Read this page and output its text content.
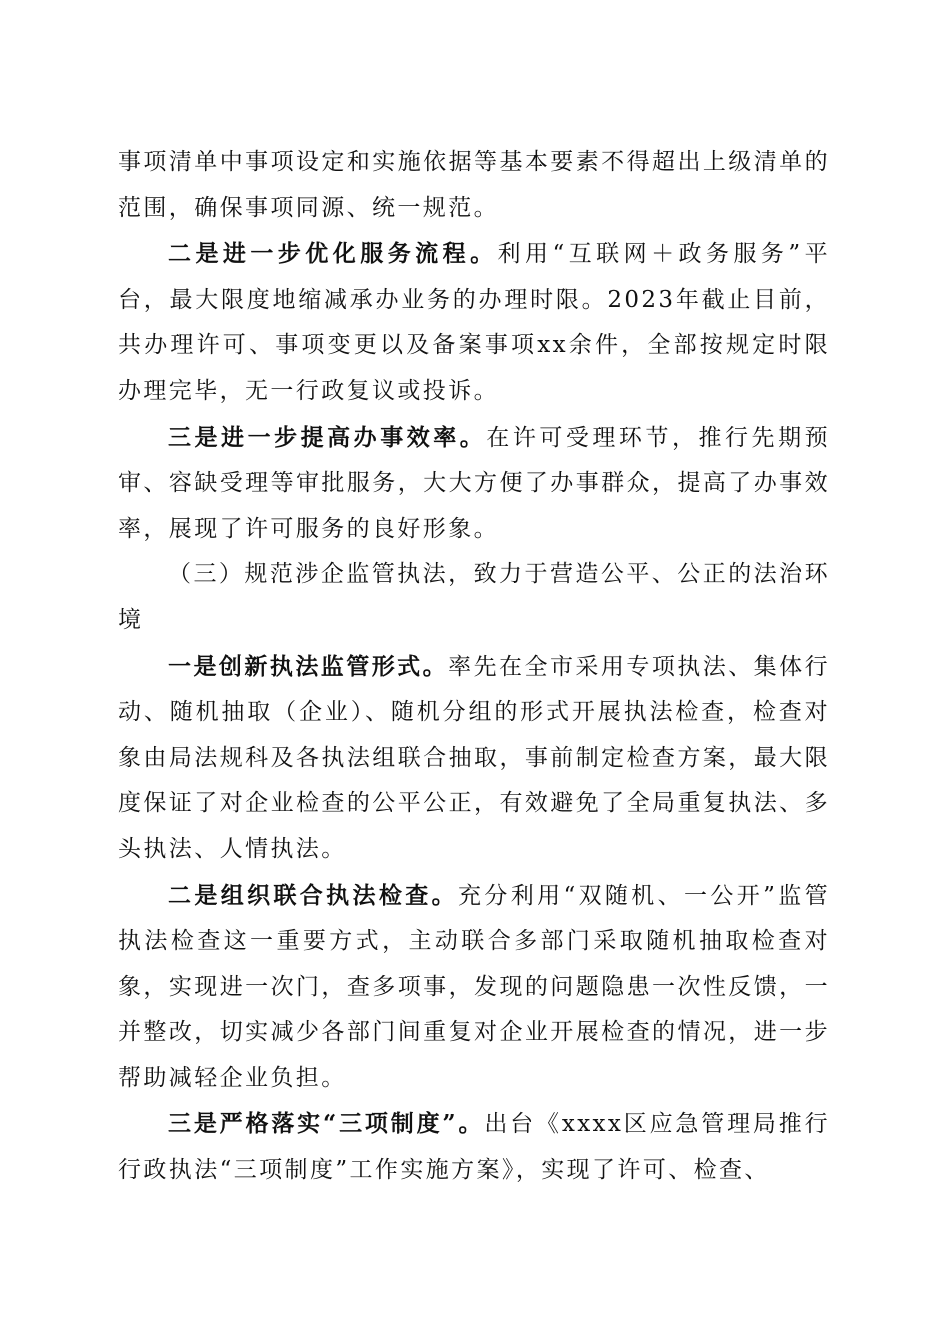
事项清单中事项设定和实施依据等基本要素不得超出上级清单的范围，确保事项同源、统一规范。

二是进一步优化服务流程。利用“互联网＋政务服务”平台，最大限度地缩减承办业务的办理时限。2023年截止目前，共办理许可、事项变更以及备案事项xx余件，全部按规定时限办理完毕，无一行政复议或投诉。

三是进一步提高办事效率。在许可受理环节，推行先期预审、容缺受理等审批服务，大大方便了办事群众，提高了办事效率，展现了许可服务的良好形象。

（三）规范涉企监管执法，致力于营造公平、公正的法治环境

一是创新执法监管形式。率先在全市采用专项执法、集体行动、随机抽取（企业）、随机分组的形式开展执法检查，检查对象由局法规科及各执法组联合抽取，事前制定检查方案，最大限度保证了对企业检查的公平公正，有效避免了全局重复执法、多头执法、人情执法。

二是组织联合执法检查。充分利用“双随机、一公开”监管执法检查这一重要方式，主动联合多部门采取随机抽取检查对象，实现进一次门，查多项事，发现的问题隐患一次性反馈，一并整改，切实减少各部门间重复对企业开展检查的情况，进一步帮助减轻企业负担。

三是严格落实“三项制度”。出台《xxxx区应急管理局推行行政执法“三项制度”工作实施方案》，实现了许可、检查、
